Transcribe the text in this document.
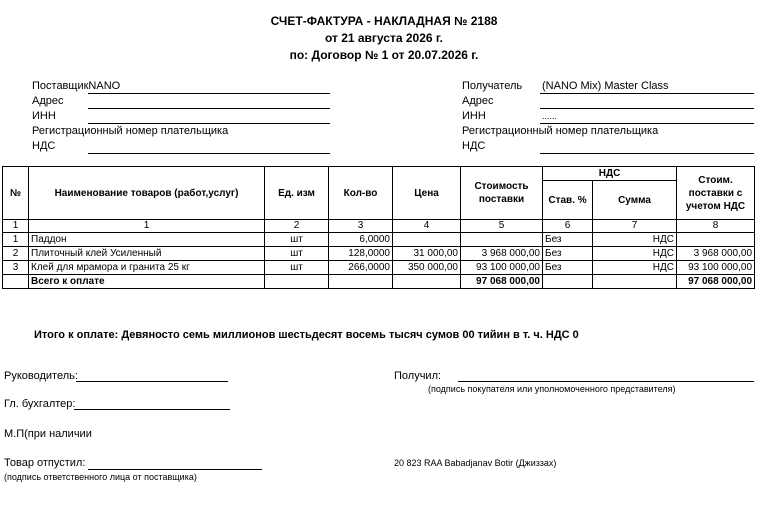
СЧЕТ-ФАКТУРА - НАКЛАДНАЯ № 2188
от 21 августа 2026 г.
по: Договор № 1 от 20.07.2026 г.
ПоставщикNANO
Адрес
ИНН
Регистрационный номер плательщика
НДС
Получатель (NANO Mix) Master Class
Адрес
ИНН	......
Регистрационный номер плательщика
НДС
№	Наименование товаров (работ,услуг)	Ед. изм	Кол-во	Цена	Стоимость поставки	НДС		Стоим. поставки с учетом НДС
						Став. %	Сумма	
1	1	2	3	4	5	6	7	8
1	Паддон	шт	6,0000			Без	НДС	
2	Плиточный клей Усиленный	шт	128,0000	31 000,00	3 968 000,00	Без	НДС	3 968 000,00
3	Клей для мрамора и гранита 25 кг	шт	266,0000	350 000,00	93 100 000,00	Без	НДС	93 100 000,00
	Всего к оплате				97 068 000,00			97 068 000,00
Итого к оплате: Девяносто семь миллионов шестьдесят восемь тысяч сумов 00 тийин в т. ч. НДС 0
Руководитель:
Гл. бухгалтер:
М.П(при наличии
Товар отпустил:
(подпись ответственного лица от поставщика)
Получил:
(подпись покупателя или уполномоченного представителя)
20 823 RAA Babadjanav Botir (Джиззах)
